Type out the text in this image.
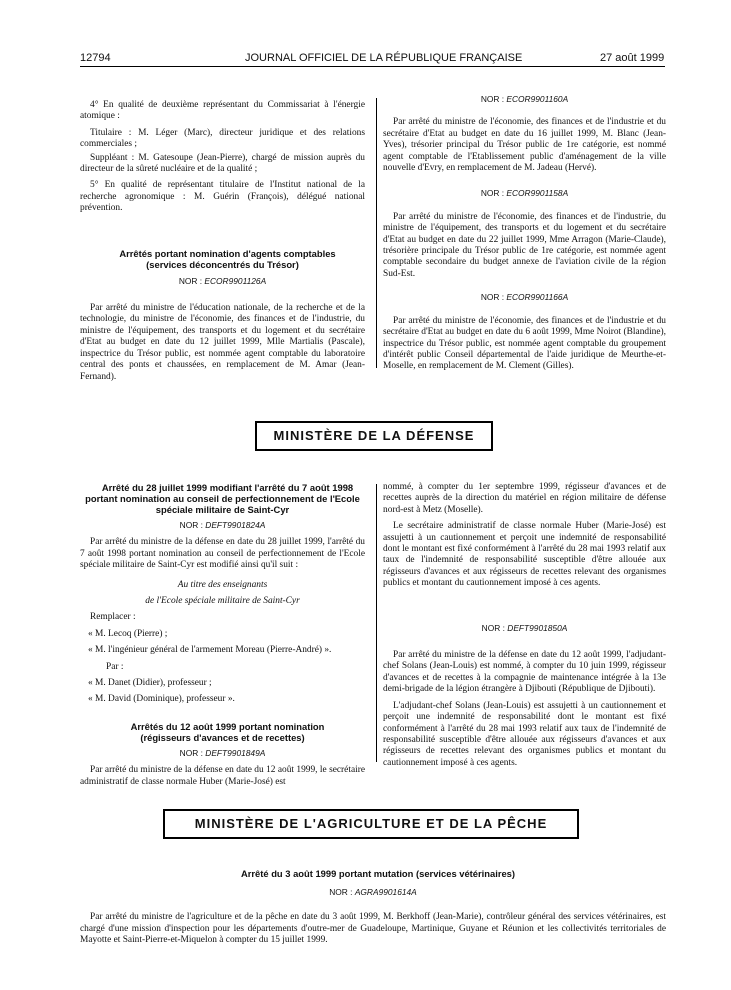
12794	JOURNAL OFFICIEL DE LA RÉPUBLIQUE FRANÇAISE	27 août 1999

4° En qualité de deuxième représentant du Commissariat à l'énergie atomique :

Titulaire : M. Léger (Marc), directeur juridique et des relations commerciales ;

Suppléant : M. Gatesoupe (Jean-Pierre), chargé de mission auprès du directeur de la sûreté nucléaire et de la qualité ;

5° En qualité de représentant titulaire de l'Institut national de la recherche agronomique : M. Guérin (François), délégué national prévention.

Arrêtés portant nomination d'agents comptables (services déconcentrés du Trésor)

NOR : ECOR9901126A

Par arrêté du ministre de l'éducation nationale, de la recherche et de la technologie, du ministre de l'économie, des finances et de l'industrie, du ministre de l'équipement, des transports et du logement et du secrétaire d'Etat au budget en date du 12 juillet 1999, Mlle Martialis (Pascale), inspectrice du Trésor public, est nommée agent comptable du laboratoire central des ponts et chaussées, en remplacement de M. Amar (Jean-Fernand).

NOR : ECOR9901160A

Par arrêté du ministre de l'économie, des finances et de l'industrie et du secrétaire d'Etat au budget en date du 16 juillet 1999, M. Blanc (Jean-Yves), trésorier principal du Trésor public de 1re catégorie, est nommé agent comptable de l'Etablissement public d'aménagement de la ville nouvelle d'Evry, en remplacement de M. Jadeau (Hervé).

NOR : ECOR9901158A

Par arrêté du ministre de l'économie, des finances et de l'industrie, du ministre de l'équipement, des transports et du logement et du secrétaire d'Etat au budget en date du 22 juillet 1999, Mme Arragon (Marie-Claude), trésorière principale du Trésor public de 1re catégorie, est nommée agent comptable secondaire du budget annexe de l'aviation civile de la région Sud-Est.

NOR : ECOR9901166A

Par arrêté du ministre de l'économie, des finances et de l'industrie et du secrétaire d'Etat au budget en date du 6 août 1999, Mme Noirot (Blandine), inspectrice du Trésor public, est nommée agent comptable du groupement d'intérêt public Conseil départemental de l'aide juridique de Meurthe-et-Moselle, en remplacement de M. Clement (Gilles).

MINISTÈRE DE LA DÉFENSE

Arrêté du 28 juillet 1999 modifiant l'arrêté du 7 août 1998 portant nomination au conseil de perfectionnement de l'Ecole spéciale militaire de Saint-Cyr

NOR : DEFT9901824A

Par arrêté du ministre de la défense en date du 28 juillet 1999, l'arrêté du 7 août 1998 portant nomination au conseil de perfectionnement de l'Ecole spéciale militaire de Saint-Cyr est modifié ainsi qu'il suit :

Au titre des enseignants

de l'Ecole spéciale militaire de Saint-Cyr

Remplacer :

« M. Lecoq (Pierre) ;

« M. l'ingénieur général de l'armement Moreau (Pierre-André) ».

Par :

« M. Danet (Didier), professeur ;

« M. David (Dominique), professeur ».

Arrêtés du 12 août 1999 portant nomination (régisseurs d'avances et de recettes)

NOR : DEFT9901849A

Par arrêté du ministre de la défense en date du 12 août 1999, le secrétaire administratif de classe normale Huber (Marie-José) est

nommé, à compter du 1er septembre 1999, régisseur d'avances et de recettes auprès de la direction du matériel en région militaire de défense nord-est à Metz (Moselle).

Le secrétaire administratif de classe normale Huber (Marie-José) est assujetti à un cautionnement et perçoit une indemnité de responsabilité dont le montant est fixé conformément à l'arrêté du 28 mai 1993 relatif aux taux de l'indemnité de responsabilité susceptible d'être allouée aux régisseurs d'avances et aux régisseurs de recettes relevant des organismes publics et montant du cautionnement imposé à ces agents.

NOR : DEFT9901850A

Par arrêté du ministre de la défense en date du 12 août 1999, l'adjudant-chef Solans (Jean-Louis) est nommé, à compter du 10 juin 1999, régisseur d'avances et de recettes à la compagnie de maintenance intégrée à la 13e demi-brigade de la légion étrangère à Djibouti (République de Djibouti).

L'adjudant-chef Solans (Jean-Louis) est assujetti à un cautionnement et perçoit une indemnité de responsabilité dont le montant est fixé conformément à l'arrêté du 28 mai 1993 relatif aux taux de l'indemnité de responsabilité susceptible d'être allouée aux régisseurs d'avances et aux régisseurs de recettes relevant des organismes publics et montant du cautionnement imposé à ces agents.

MINISTÈRE DE L'AGRICULTURE ET DE LA PÊCHE

Arrêté du 3 août 1999 portant mutation (services vétérinaires)

NOR : AGRA9901614A

Par arrêté du ministre de l'agriculture et de la pêche en date du 3 août 1999, M. Berkhoff (Jean-Marie), contrôleur général des services vétérinaires, est chargé d'une mission d'inspection pour les départements d'outre-mer de Guadeloupe, Martinique, Guyane et Réunion et les collectivités territoriales de Mayotte et Saint-Pierre-et-Miquelon à compter du 15 juillet 1999.
